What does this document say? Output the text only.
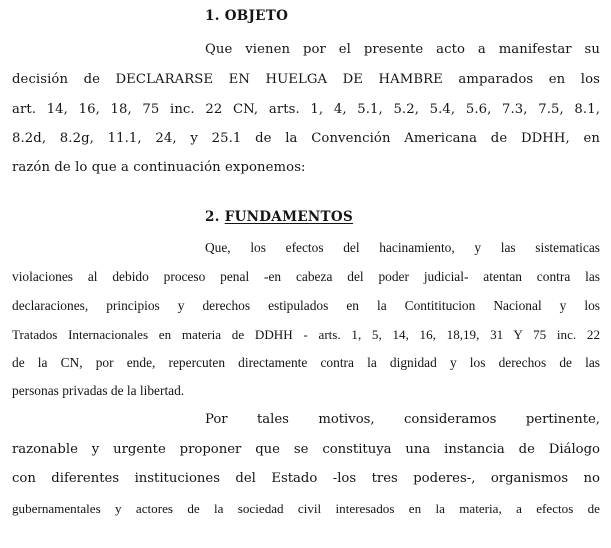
1. OBJETO
Que vienen por el presente acto a manifestar su
decisión de DECLARARSE EN HUELGA DE HAMBRE amparados en los
art. 14, 16, 18, 75 inc. 22 CN, arts. 1, 4, 5.1, 5.2, 5.4, 5.6, 7.3, 7.5, 8.1,
8.2d, 8.2g, 11.1, 24, y 25.1 de la Convención Americana de DDHH, en
razón de lo que a continuación exponemos:
2. FUNDAMENTOS
Que, los efectos del hacinamiento, y las sistematicas
violaciones al debido proceso penal -en cabeza del poder judicial- atentan contra las
declaraciones, principios y derechos estipulados en la Contititucion Nacional y los
Tratados Internacionales en materia de DDHH - arts. 1, 5, 14, 16, 18,19, 31 Y 75 inc. 22
de la CN, por ende, repercuten directamente contra la dignidad y los derechos de las
personas privadas de la libertad.
Por tales motivos, consideramos pertinente,
razonable y urgente proponer que se constituya una instancia de Diálogo
con diferentes instituciones del Estado -los tres poderes-, organismos no
gubernamentales y actores de la sociedad civil interesados en la materia, a efectos de
